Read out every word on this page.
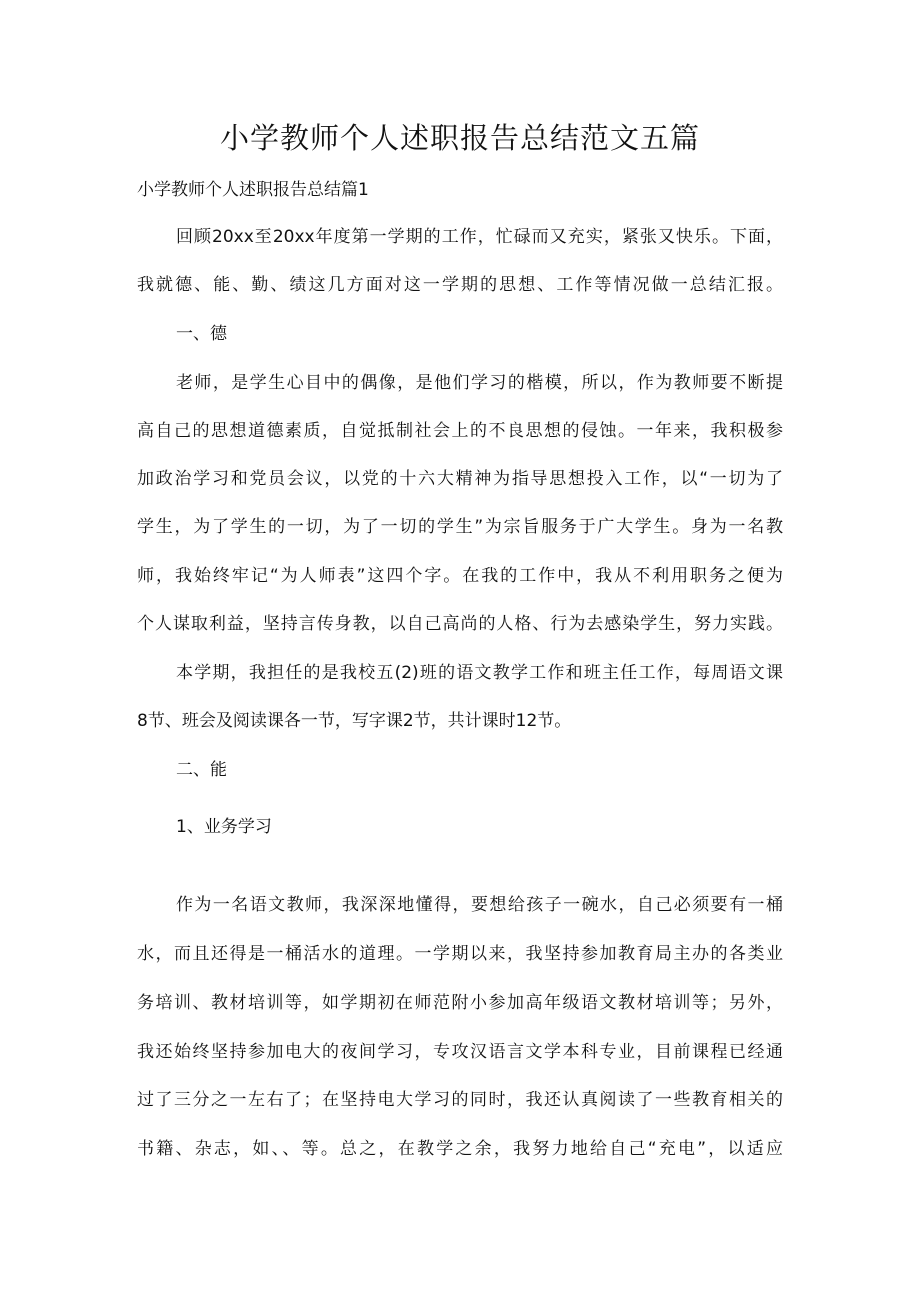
小学教师个人述职报告总结范文五篇

小学教师个人述职报告总结篇1

回顾20xx至20xx年度第一学期的工作，忙碌而又充实，紧张又快乐。下面，

我就德、能、勤、绩这几方面对这一学期的思想、工作等情况做一总结汇报。

一、德

老师，是学生心目中的偶像，是他们学习的楷模，所以，作为教师要不断提

高自己的思想道德素质，自觉抵制社会上的不良思想的侵蚀。一年来，我积极参

加政治学习和党员会议，以党的十六大精神为指导思想投入工作，以“一切为了

学生，为了学生的一切，为了一切的学生”为宗旨服务于广大学生。身为一名教

师，我始终牢记“为人师表”这四个字。在我的工作中，我从不利用职务之便为

个人谋取利益，坚持言传身教，以自己高尚的人格、行为去感染学生，努力实践。

本学期，我担任的是我校五(2)班的语文教学工作和班主任工作，每周语文课

8节、班会及阅读课各一节，写字课2节，共计课时12节。

二、能

1、业务学习

作为一名语文教师，我深深地懂得，要想给孩子一碗水，自己必须要有一桶

水，而且还得是一桶活水的道理。一学期以来，我坚持参加教育局主办的各类业

务培训、教材培训等，如学期初在师范附小参加高年级语文教材培训等；另外，

我还始终坚持参加电大的夜间学习，专攻汉语言文学本科专业，目前课程已经通

过了三分之一左右了；在坚持电大学习的同时，我还认真阅读了一些教育相关的

书籍、杂志，如、、等。总之，在教学之余，我努力地给自己“充电”，以适应
